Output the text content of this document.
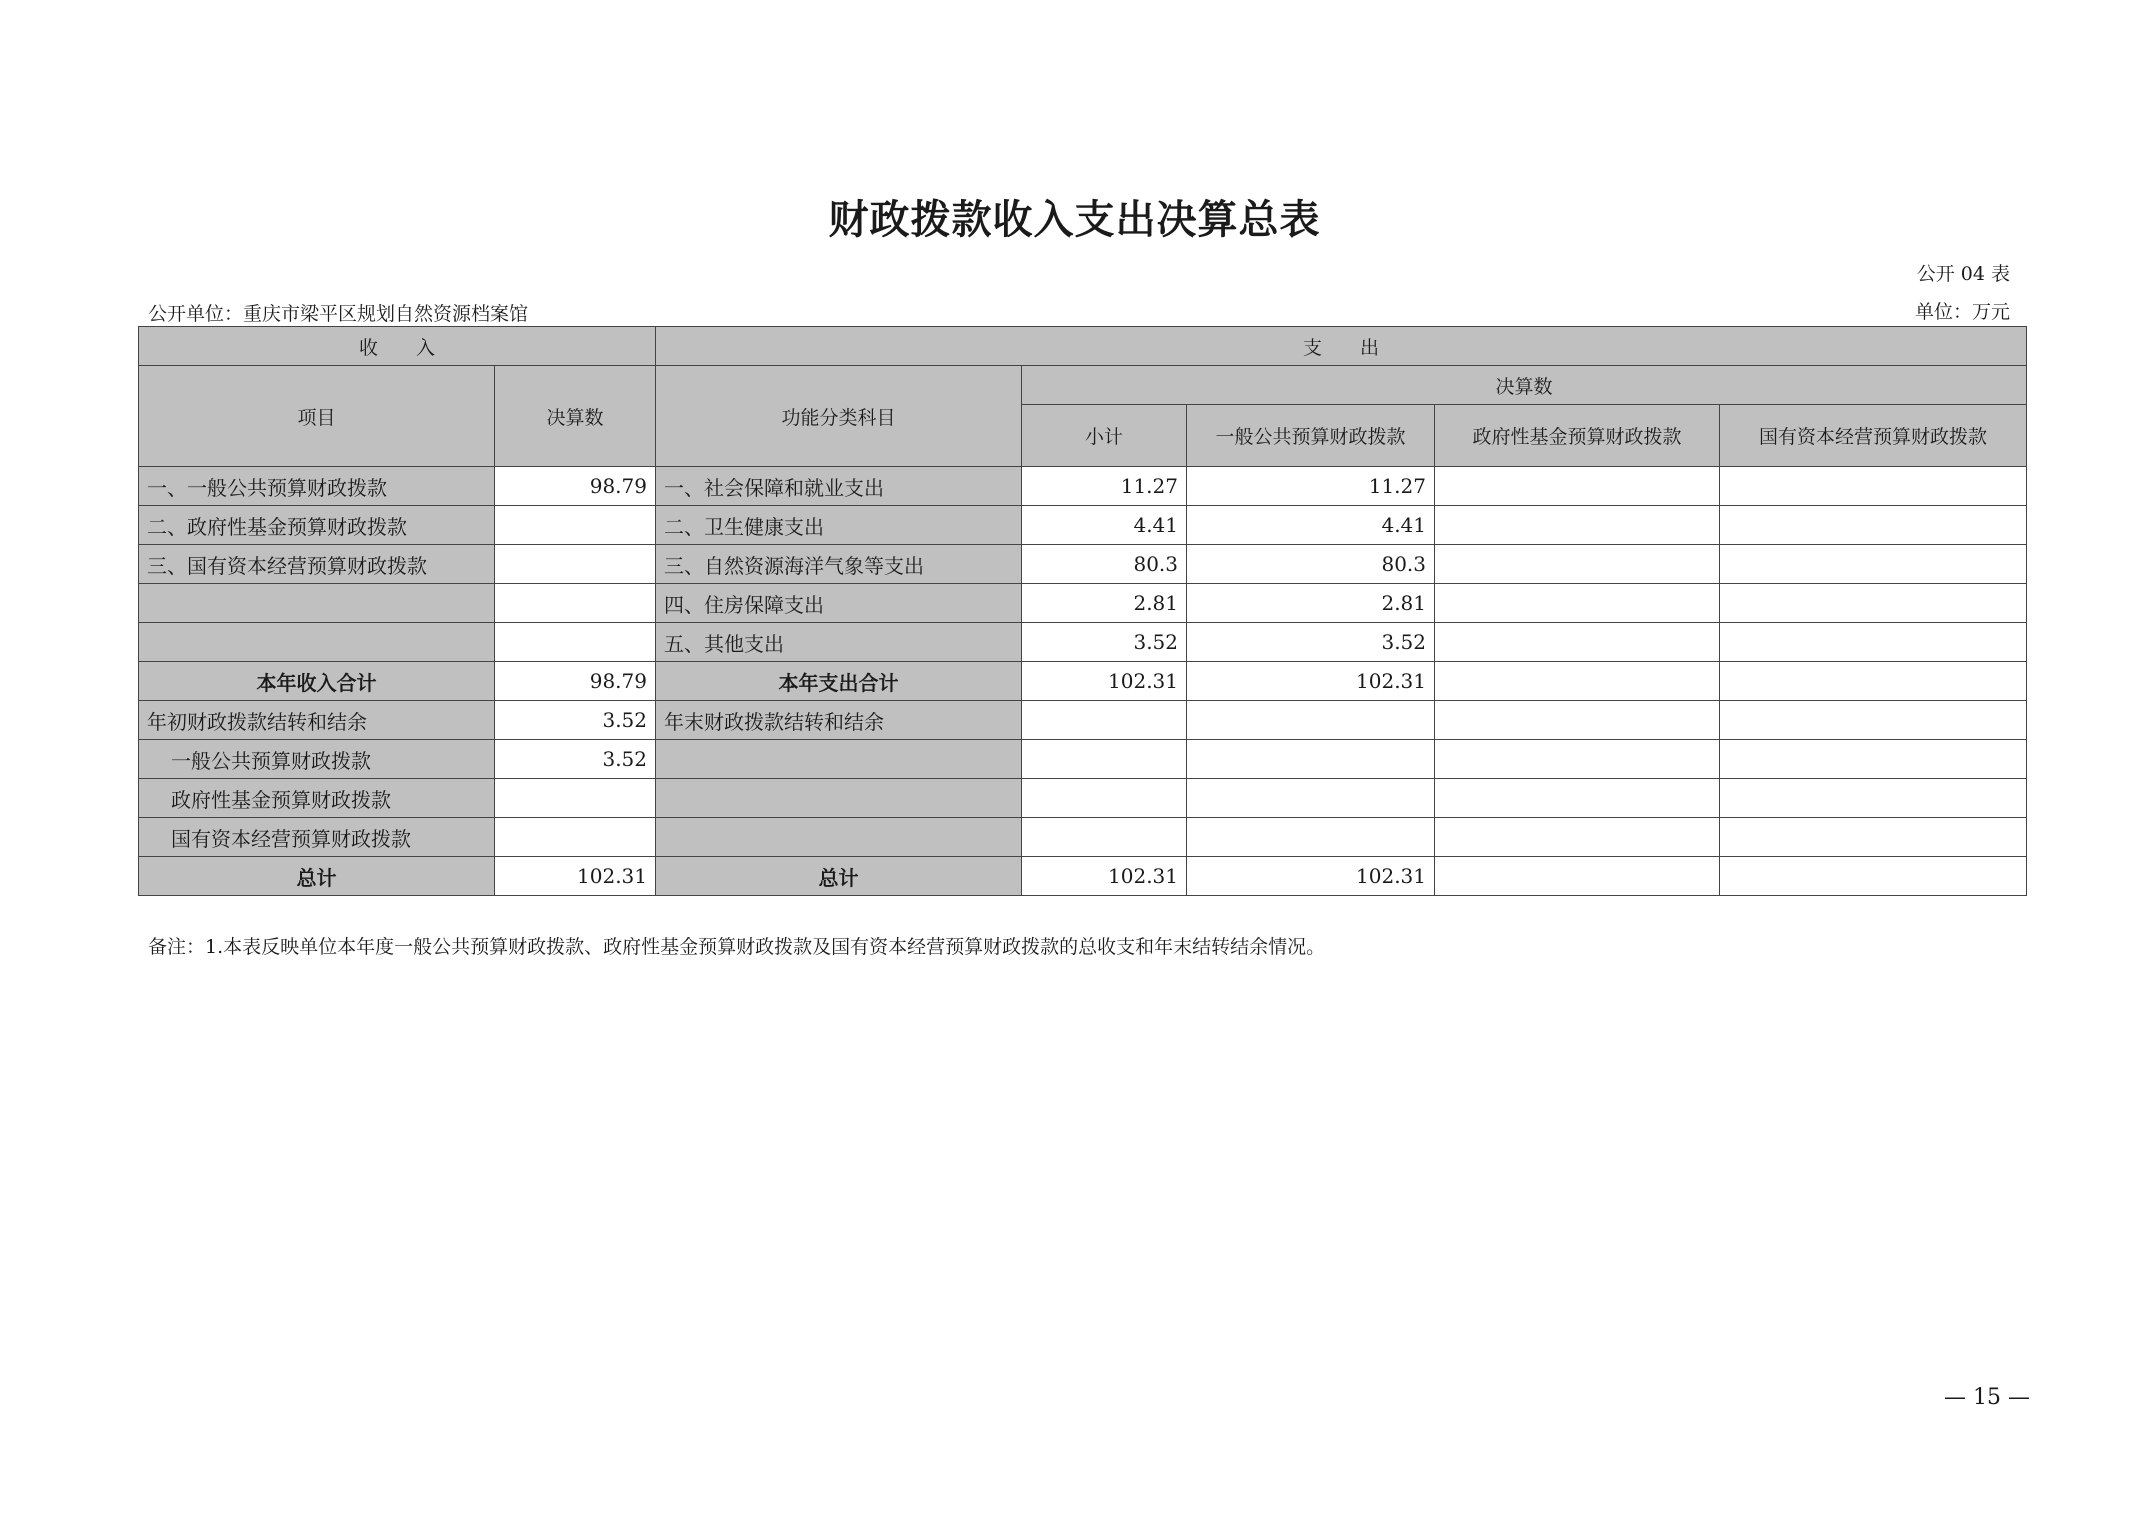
财政拨款收入支出决算总表
公开 04 表
公开单位：重庆市梁平区规划自然资源档案馆	单位：万元
收　　入		支　　出				
项目	决算数	功能分类科目	决算数			
			小计	一般公共预算财政拨款	政府性基金预算财政拨款	国有资本经营预算财政拨款
一、一般公共预算财政拨款	98.79	一、社会保障和就业支出	11.27	11.27		
二、政府性基金预算财政拨款		二、卫生健康支出	4.41	4.41		
三、国有资本经营预算财政拨款		三、自然资源海洋气象等支出	80.3	80.3		
		四、住房保障支出	2.81	2.81		
		五、其他支出	3.52	3.52		
本年收入合计	98.79	本年支出合计	102.31	102.31		
年初财政拨款结转和结余	3.52	年末财政拨款结转和结余				
一般公共预算财政拨款	3.52					
政府性基金预算财政拨款						
国有资本经营预算财政拨款						
总计	102.31	总计	102.31	102.31		
备注：1.本表反映单位本年度一般公共预算财政拨款、政府性基金预算财政拨款及国有资本经营预算财政拨款的总收支和年末结转结余情况。
— 15 —
